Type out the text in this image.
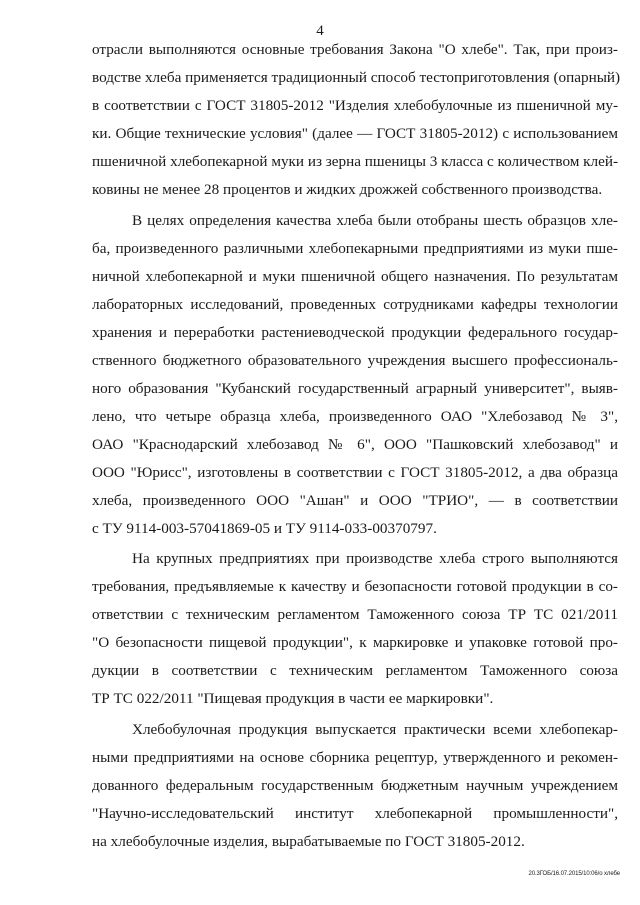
4
отрасли выполняются основные требования Закона "О хлебе". Так, при произ-
водстве хлеба применяется традиционный способ тестоприготовления (опарный)
в соответствии с ГОСТ 31805-2012 "Изделия хлебобулочные из пшеничной му-
ки. Общие технические условия" (далее — ГОСТ 31805-2012) с использованием
пшеничной хлебопекарной муки из зерна пшеницы 3 класса с количеством клей-
ковины не менее 28 процентов и жидких дрожжей собственного производства.
В целях определения качества хлеба были отобраны шесть образцов хле-
ба, произведенного различными хлебопекарными предприятиями из муки пше-
ничной хлебопекарной и муки пшеничной общего назначения. По результатам
лабораторных исследований, проведенных сотрудниками кафедры технологии
хранения и переработки растениеводческой продукции федерального государ-
ственного бюджетного образовательного учреждения высшего профессиональ-
ного образования "Кубанский государственный аграрный университет", выяв-
лено, что четыре образца хлеба, произведенного ОАО "Хлебозавод № 3",
ОАО "Краснодарский хлебозавод № 6", ООО "Пашковский хлебозавод" и
ООО "Юрисс", изготовлены в соответствии с ГОСТ 31805-2012, а два образца
хлеба, произведенного ООО "Ашан" и ООО "ТРИО", — в соответствии
с ТУ 9114-003-57041869-05 и ТУ 9114-033-00370797.
На крупных предприятиях при производстве хлеба строго выполняются
требования, предъявляемые к качеству и безопасности готовой продукции в со-
ответствии с техническим регламентом Таможенного союза ТР ТС 021/2011
"О безопасности пищевой продукции", к маркировке и упаковке готовой про-
дукции в соответствии с техническим регламентом Таможенного союза
ТР ТС 022/2011 "Пищевая продукция в части ее маркировки".
Хлебобулочная продукция выпускается практически всеми хлебопекар-
ными предприятиями на основе сборника рецептур, утвержденного и рекомен-
дованного федеральным государственным бюджетным научным учреждением
"Научно-исследовательский институт хлебопекарной промышленности",
на хлебобулочные изделия, вырабатываемые по ГОСТ 31805-2012.
20.3ГОБ/16.07.2015/10:06/о хлебе
